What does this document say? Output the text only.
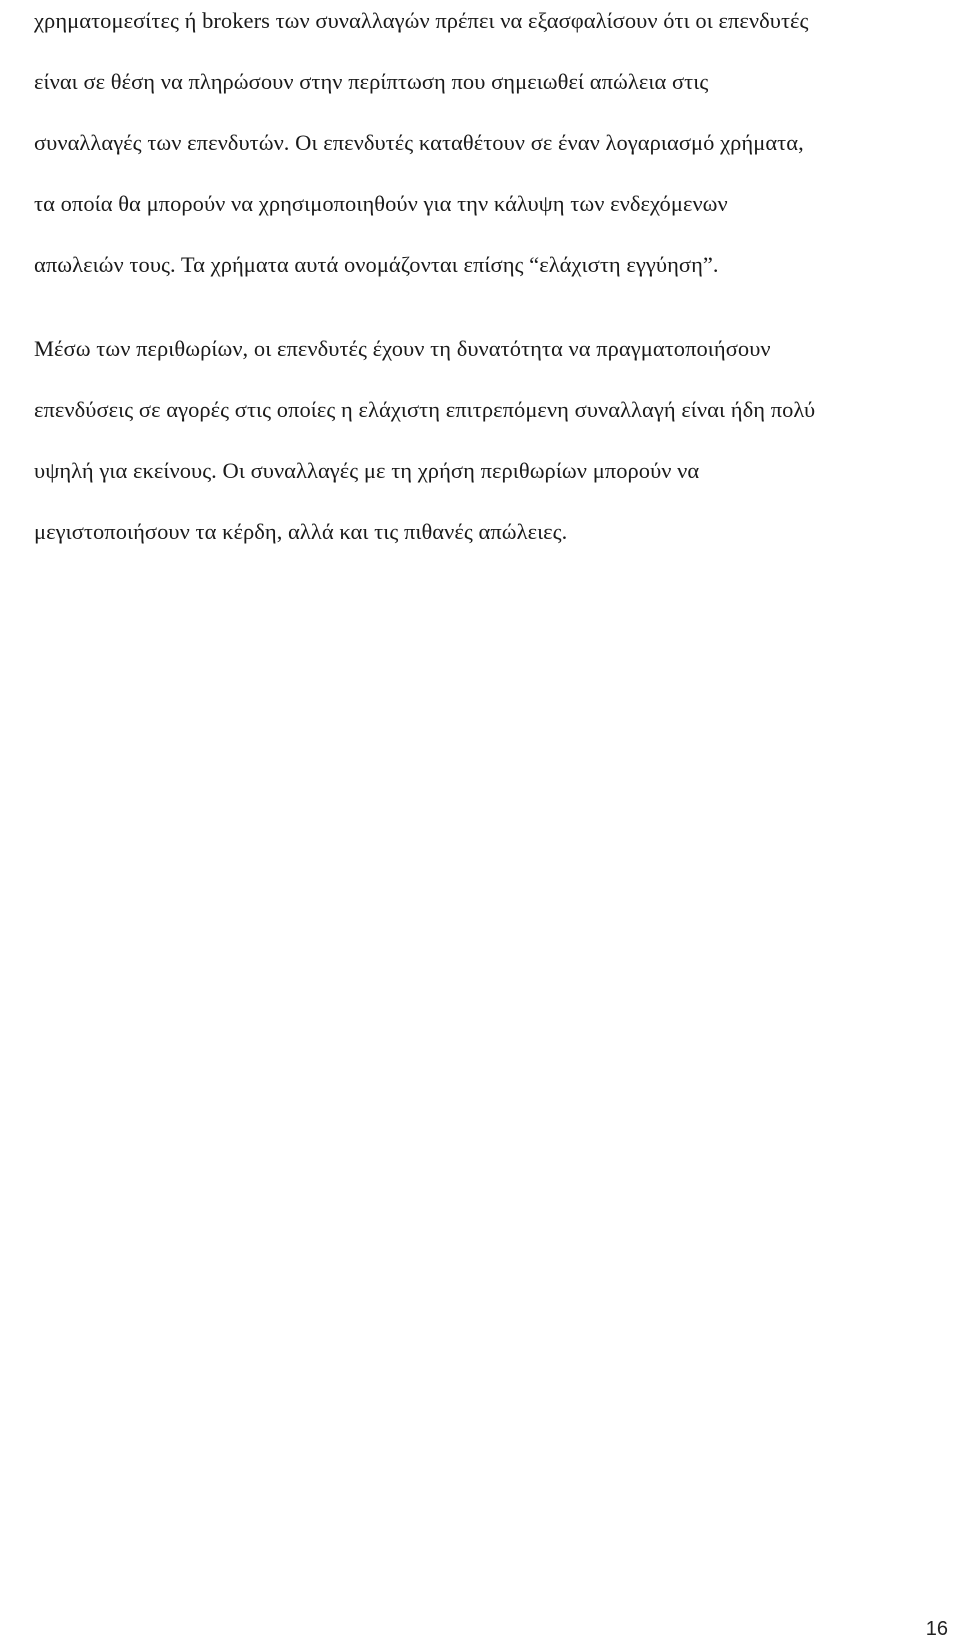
χρηματομεσίτες ή brokers των συναλλαγών πρέπει να εξασφαλίσουν ότι οι επενδυτές
είναι σε θέση να πληρώσουν στην περίπτωση που σημειωθεί απώλεια στις
συναλλαγές των επενδυτών. Οι επενδυτές καταθέτουν σε έναν λογαριασμό χρήματα,
τα οποία θα μπορούν να χρησιμοποιηθούν για την κάλυψη των ενδεχόμενων
απωλειών τους. Τα χρήματα αυτά ονομάζονται επίσης “ελάχιστη εγγύηση”.
Μέσω των περιθωρίων, οι επενδυτές έχουν τη δυνατότητα να πραγματοποιήσουν
επενδύσεις σε αγορές στις οποίες η ελάχιστη επιτρεπόμενη συναλλαγή είναι ήδη πολύ
υψηλή για εκείνους. Οι συναλλαγές με τη χρήση περιθωρίων μπορούν να
μεγιστοποιήσουν τα κέρδη, αλλά και τις πιθανές απώλειες.
16
